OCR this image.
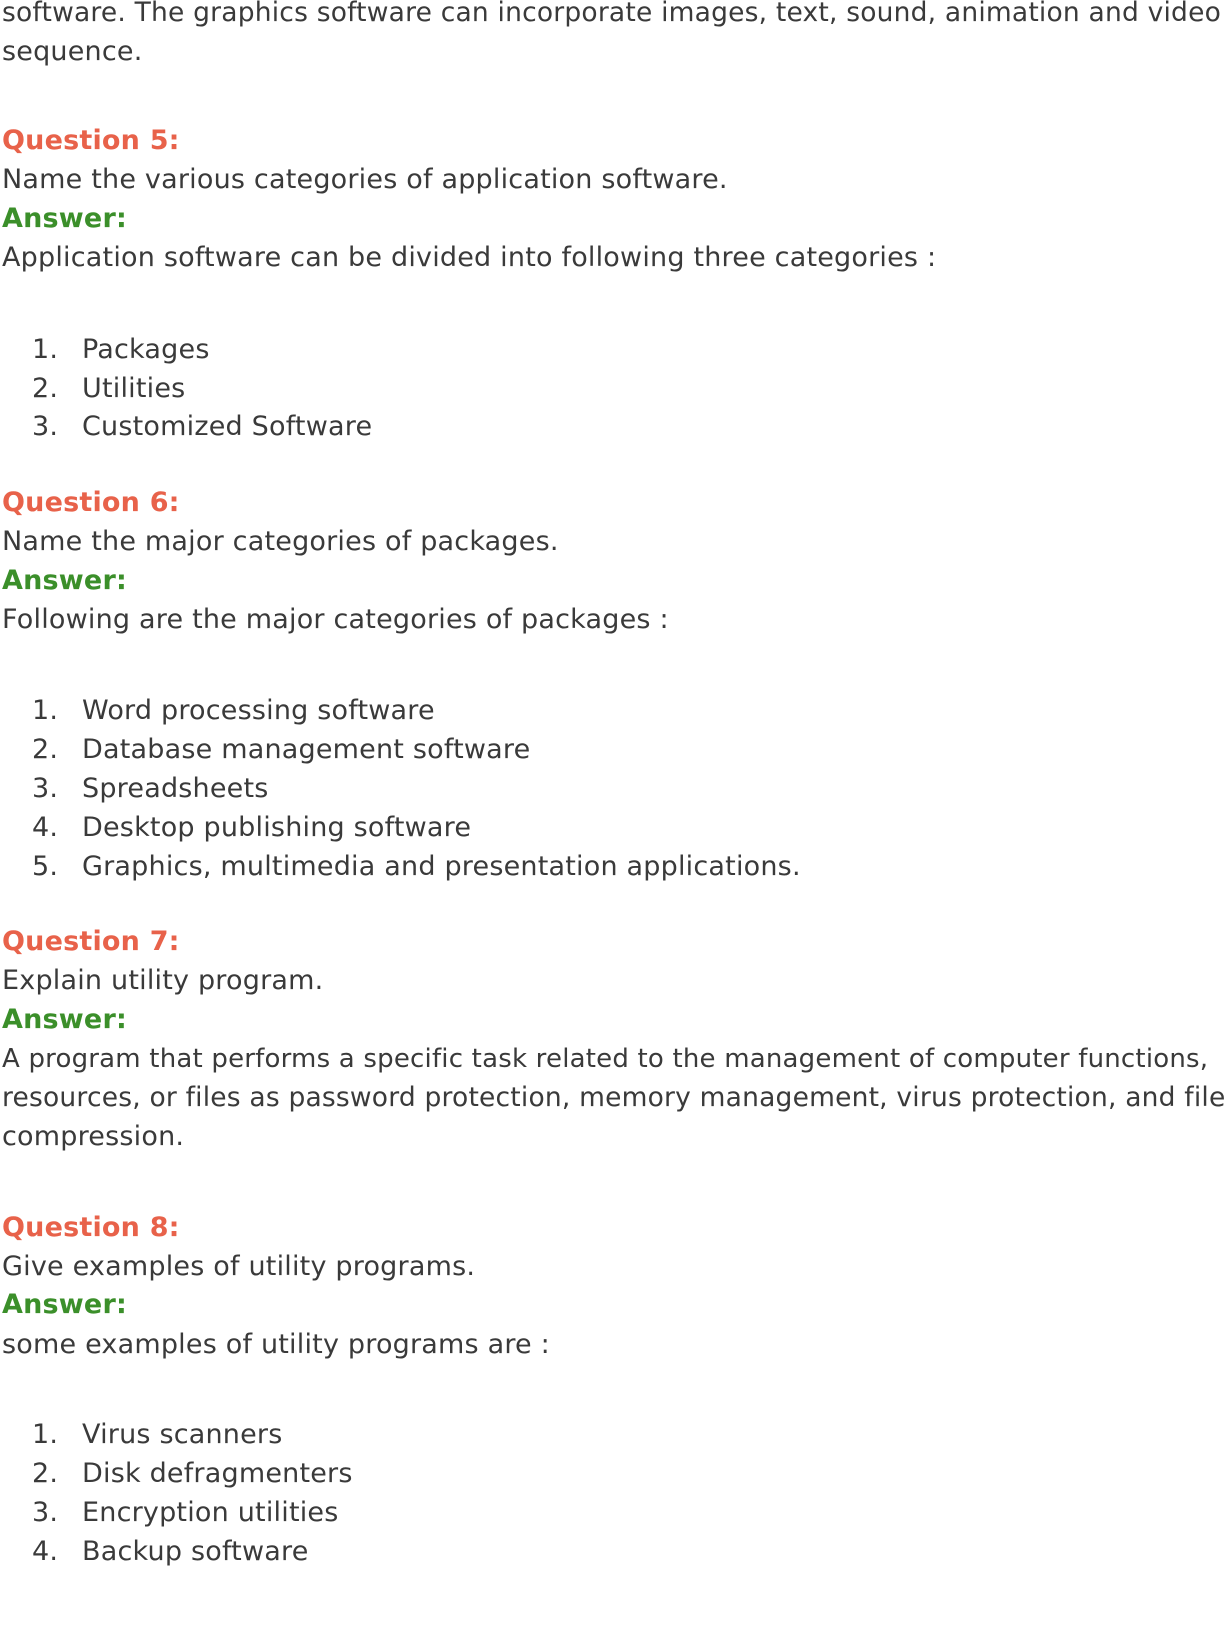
software. The graphics software can incorporate images, text, sound, animation and video
sequence.
Question 5:
Name the various categories of application software.
Answer:
Application software can be divided into following three categories :
1. Packages
2. Utilities
3. Customized Software
Question 6:
Name the major categories of packages.
Answer:
Following are the major categories of packages :
1. Word processing software
2. Database management software
3. Spreadsheets
4. Desktop publishing software
5. Graphics, multimedia and presentation applications.
Question 7:
Explain utility program.
Answer:
A program that performs a specific task related to the management of computer functions,
resources, or files as password protection, memory management, virus protection, and file
compression.
Question 8:
Give examples of utility programs.
Answer:
some examples of utility programs are :
1. Virus scanners
2. Disk defragmenters
3. Encryption utilities
4. Backup software
